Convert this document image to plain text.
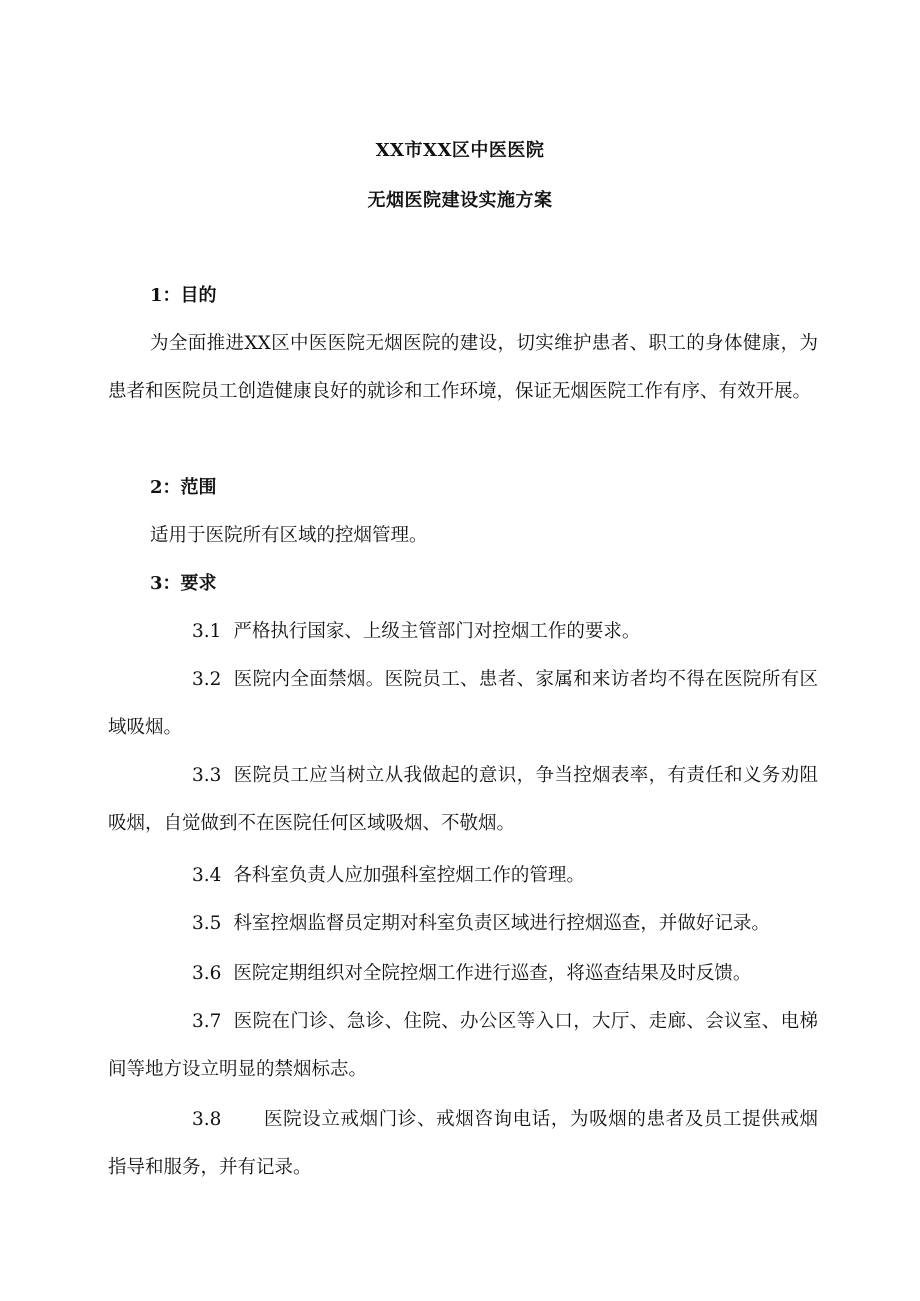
XX市XX区中医医院
无烟医院建设实施方案
1：目的
为全面推进XX区中医医院无烟医院的建设，切实维护患者、职工的身体健康，为患者和医院员工创造健康良好的就诊和工作环境，保证无烟医院工作有序、有效开展。
2：范围
适用于医院所有区域的控烟管理。
3：要求
3.1 严格执行国家、上级主管部门对控烟工作的要求。
3.2 医院内全面禁烟。医院员工、患者、家属和来访者均不得在医院所有区域吸烟。
3.3 医院员工应当树立从我做起的意识，争当控烟表率，有责任和义务劝阻吸烟，自觉做到不在医院任何区域吸烟、不敬烟。
3.4 各科室负责人应加强科室控烟工作的管理。
3.5 科室控烟监督员定期对科室负责区域进行控烟巡查，并做好记录。
3.6 医院定期组织对全院控烟工作进行巡查，将巡查结果及时反馈。
3.7 医院在门诊、急诊、住院、办公区等入口，大厅、走廊、会议室、电梯间等地方设立明显的禁烟标志。
3.8 医院设立戒烟门诊、戒烟咨询电话，为吸烟的患者及员工提供戒烟指导和服务，并有记录。
